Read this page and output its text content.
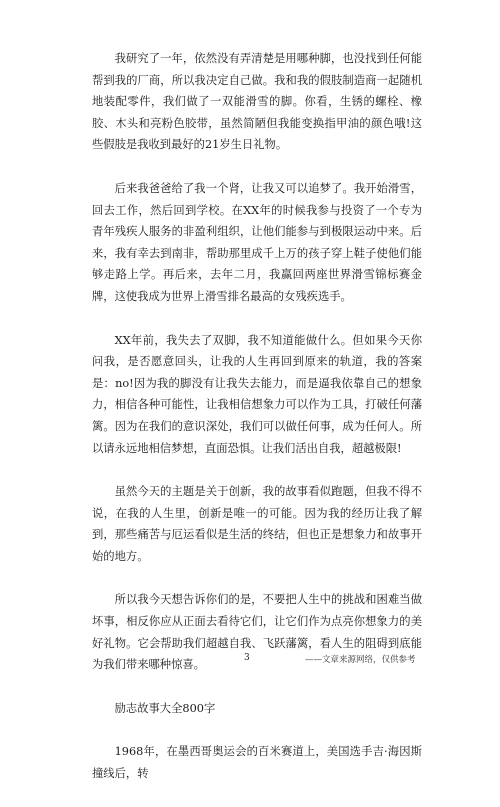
我研究了一年，依然没有弄清楚是用哪种脚，也没找到任何能帮到我的厂商，所以我决定自己做。我和我的假肢制造商一起随机地装配零件，我们做了一双能滑雪的脚。你看，生锈的螺栓、橡胶、木头和亮粉色胶带，虽然简陋但我能变换指甲油的颜色哦!这些假肢是我收到最好的21岁生日礼物。

后来我爸爸给了我一个肾，让我又可以追梦了。我开始滑雪，回去工作，然后回到学校。在XX年的时候我参与投资了一个专为青年残疾人服务的非盈利组织，让他们能参与到极限运动中来。后来，我有幸去到南非，帮助那里成千上万的孩子穿上鞋子使他们能够走路上学。再后来，去年二月，我赢回两座世界滑雪锦标赛金牌，这使我成为世界上滑雪排名最高的女残疾选手。

XX年前，我失去了双脚，我不知道能做什么。但如果今天你问我，是否愿意回头，让我的人生再回到原来的轨道，我的答案是：no!因为我的脚没有让我失去能力，而是逼我依靠自己的想象力，相信各种可能性，让我相信想象力可以作为工具，打破任何藩篱。因为在我们的意识深处，我们可以做任何事，成为任何人。所以请永远地相信梦想，直面恐惧。让我们活出自我，超越极限!

虽然今天的主题是关于创新，我的故事看似跑题，但我不得不说，在我的人生里，创新是唯一的可能。因为我的经历让我了解到，那些痛苦与厄运看似是生活的终结，但也正是想象力和故事开始的地方。

所以我今天想告诉你们的是，不要把人生中的挑战和困难当做坏事，相反你应从正面去看待它们，让它们作为点亮你想象力的美好礼物。它会帮助我们超越自我、飞跃藩篱，看人生的阻碍到底能为我们带来哪种惊喜。

励志故事大全800字

1968年，在墨西哥奥运会的百米赛道上，美国选手吉·海因斯撞线后，转

3	——文章来源网络，仅供参考
